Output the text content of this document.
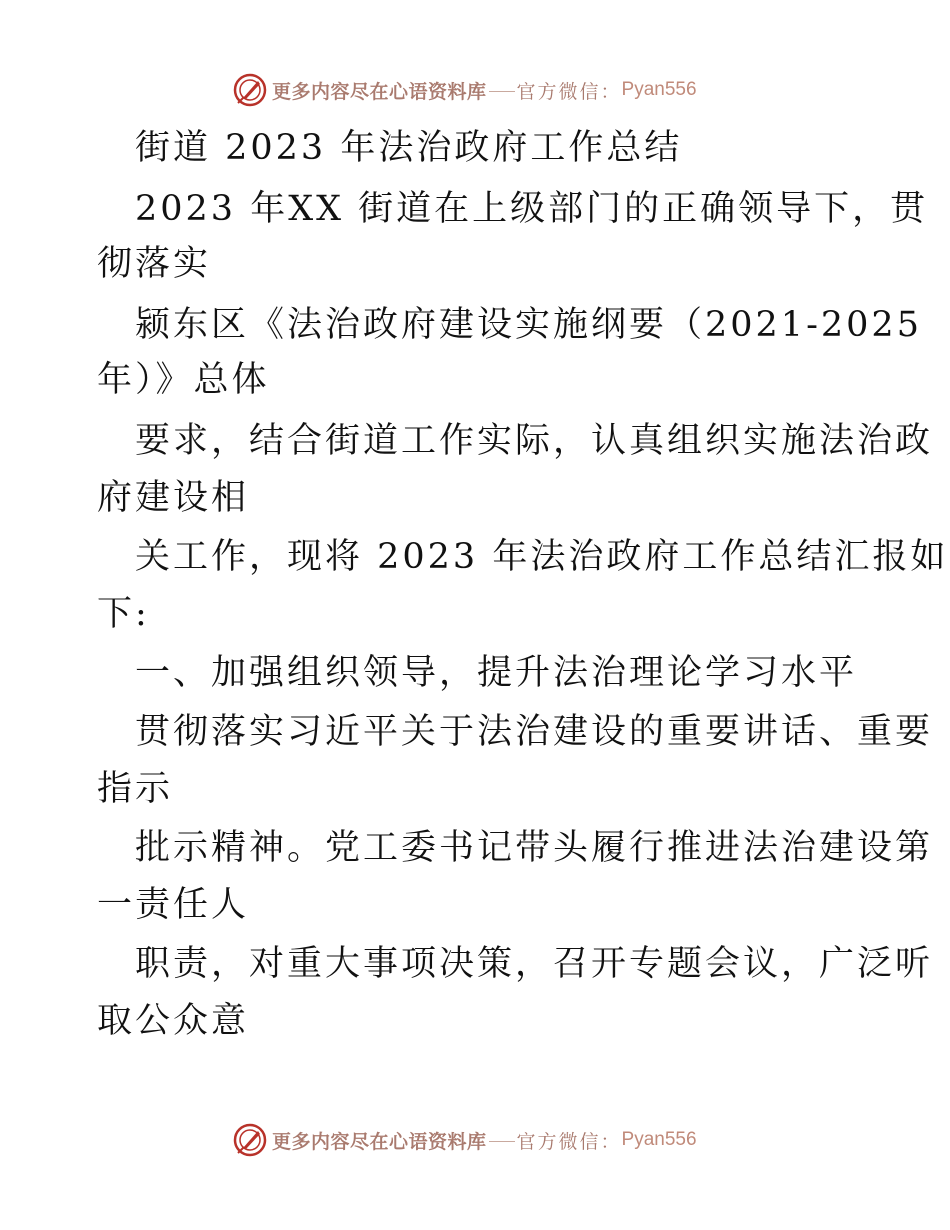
更多内容尽在心语资料库 官方微信： Pyan556
街道 2023 年法治政府工作总结
2023 年XX 街道在上级部门的正确领导下，贯
彻落实
颍东区《法治政府建设实施纲要（2021-2025
年）》总体
要求，结合街道工作实际，认真组织实施法治政
府建设相
关工作，现将 2023 年法治政府工作总结汇报如
下:
一、加强组织领导，提升法治理论学习水平
贯彻落实习近平关于法治建设的重要讲话、重要
指示
批示精神。党工委书记带头履行推进法治建设第
一责任人
职责，对重大事项决策，召开专题会议，广泛听
取公众意
更多内容尽在心语资料库 官方微信： Pyan556
